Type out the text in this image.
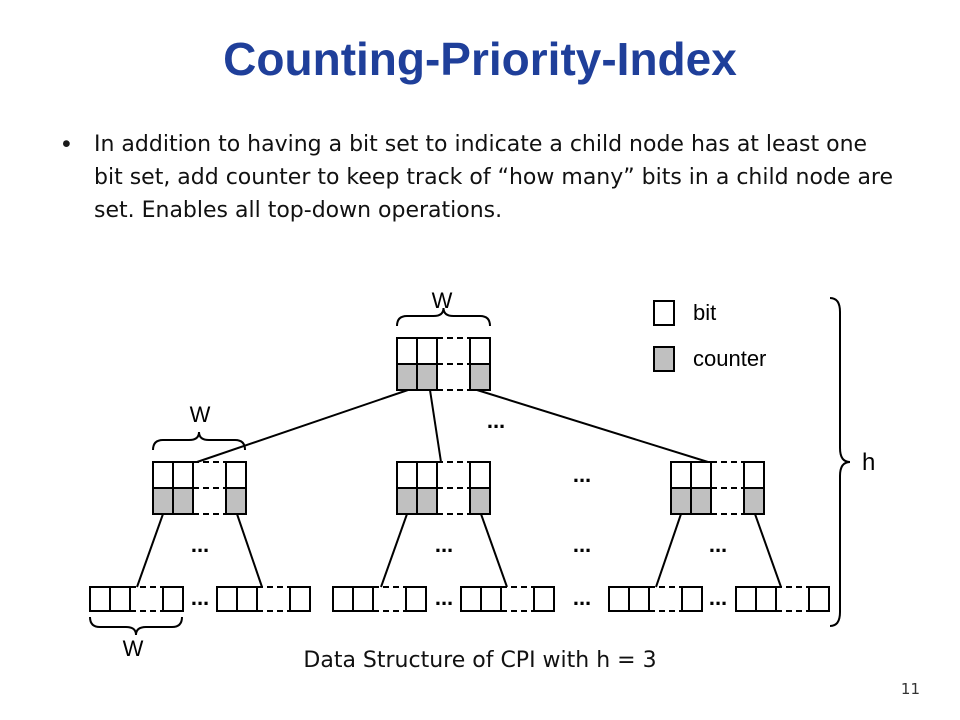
Counting-Priority-Index
• In addition to having a bit set to indicate a child node has at least one bit set, add counter to keep track of “how many” bits in a child node are set. Enables all top-down operations.
W
...
W
...
...	...	...	...
...	...	...	...
W
h
bit
counter
Data Structure of CPI with h = 3
11
